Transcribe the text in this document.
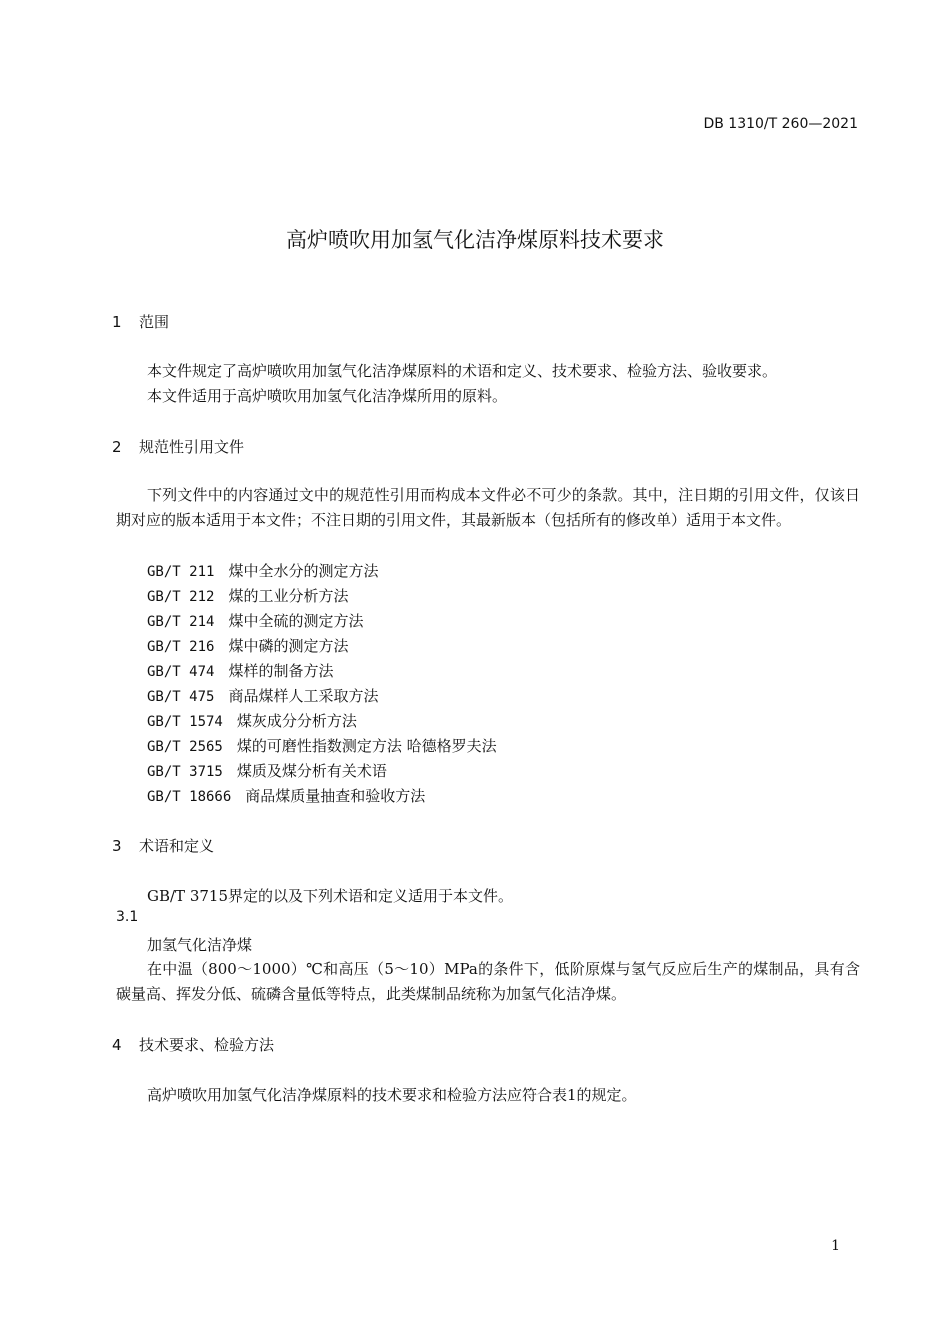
DB 1310/T 260—2021
高炉喷吹用加氢气化洁净煤原料技术要求
1 范围
本文件规定了高炉喷吹用加氢气化洁净煤原料的术语和定义、技术要求、检验方法、验收要求。
本文件适用于高炉喷吹用加氢气化洁净煤所用的原料。
2 规范性引用文件
下列文件中的内容通过文中的规范性引用而构成本文件必不可少的条款。其中，注日期的引用文件，仅该日期对应的版本适用于本文件；不注日期的引用文件，其最新版本（包括所有的修改单）适用于本文件。
GB/T 211 煤中全水分的测定方法
GB/T 212 煤的工业分析方法
GB/T 214 煤中全硫的测定方法
GB/T 216 煤中磷的测定方法
GB/T 474 煤样的制备方法
GB/T 475 商品煤样人工采取方法
GB/T 1574 煤灰成分分析方法
GB/T 2565 煤的可磨性指数测定方法 哈德格罗夫法
GB/T 3715 煤质及煤分析有关术语
GB/T 18666 商品煤质量抽查和验收方法
3 术语和定义
GB/T 3715界定的以及下列术语和定义适用于本文件。
3.1
加氢气化洁净煤
在中温（800～1000）℃和高压（5～10）MPa的条件下，低阶原煤与氢气反应后生产的煤制品，具有含碳量高、挥发分低、硫磷含量低等特点，此类煤制品统称为加氢气化洁净煤。
4 技术要求、检验方法
高炉喷吹用加氢气化洁净煤原料的技术要求和检验方法应符合表1的规定。
1
